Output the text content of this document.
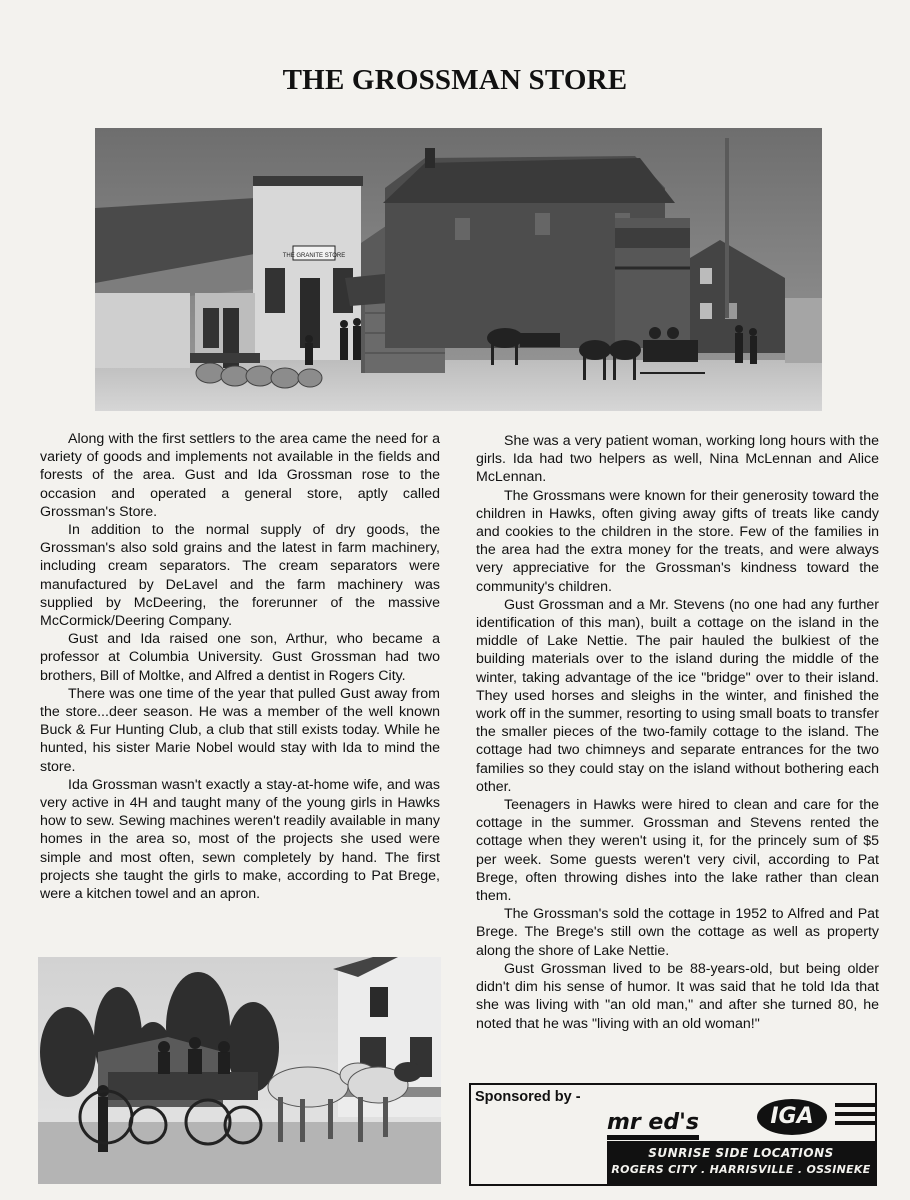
THE GROSSMAN STORE
THE GRANITE STORE

Along with the first settlers to the area came the need for a variety of goods and implements not available in the fields and forests of the area. Gust and Ida Grossman rose to the occasion and operated a general store, aptly called Grossman's Store.

In addition to the normal supply of dry goods, the Grossman's also sold grains and the latest in farm machinery, including cream separators. The cream separators were manufactured by DeLavel and the farm machinery was supplied by McDeering, the forerunner of the massive McCormick/Deering Company.

Gust and Ida raised one son, Arthur, who became a professor at Columbia University. Gust Grossman had two brothers, Bill of Moltke, and Alfred a dentist in Rogers City.

There was one time of the year that pulled Gust away from the store...deer season. He was a member of the well known Buck & Fur Hunting Club, a club that still exists today. While he hunted, his sister Marie Nobel would stay with Ida to mind the store.

Ida Grossman wasn't exactly a stay-at-home wife, and was very active in 4H and taught many of the young girls in Hawks how to sew. Sewing machines weren't readily available in many homes in the area so, most of the projects she used were simple and most often, sewn completely by hand. The first projects she taught the girls to make, according to Pat Brege, were a kitchen towel and an apron.

She was a very patient woman, working long hours with the girls. Ida had two helpers as well, Nina McLennan and Alice McLennan.

The Grossmans were known for their generosity toward the children in Hawks, often giving away gifts of treats like candy and cookies to the children in the store. Few of the families in the area had the extra money for the treats, and were always very appreciative for the Grossman's kindness toward the community's children.

Gust Grossman and a Mr. Stevens (no one had any further identification of this man), built a cottage on the island in the middle of Lake Nettie. The pair hauled the bulkiest of the building materials over to the island during the middle of the winter, taking advantage of the ice "bridge" over to their island. They used horses and sleighs in the winter, and finished the work off in the summer, resorting to using small boats to transfer the smaller pieces of the two-family cottage to the island. The cottage had two chimneys and separate entrances for the two families so they could stay on the island without bothering each other.

Teenagers in Hawks were hired to clean and care for the cottage in the summer. Grossman and Stevens rented the cottage when they weren't using it, for the princely sum of $5 per week. Some guests weren't very civil, according to Pat Brege, often throwing dishes into the lake rather than clean them.

The Grossman's sold the cottage in 1952 to Alfred and Pat Brege. The Brege's still own the cottage as well as property along the shore of Lake Nettie.

Gust Grossman lived to be 88-years-old, but being older didn't dim his sense of humor. It was said that he told Ida that she was living with "an old man," and after she turned 80, he noted that he was "living with an old woman!"

Sponsored by -
mr ed's	IGA
SUNRISE SIDE LOCATIONS
ROGERS CITY . HARRISVILLE . OSSINEKE
